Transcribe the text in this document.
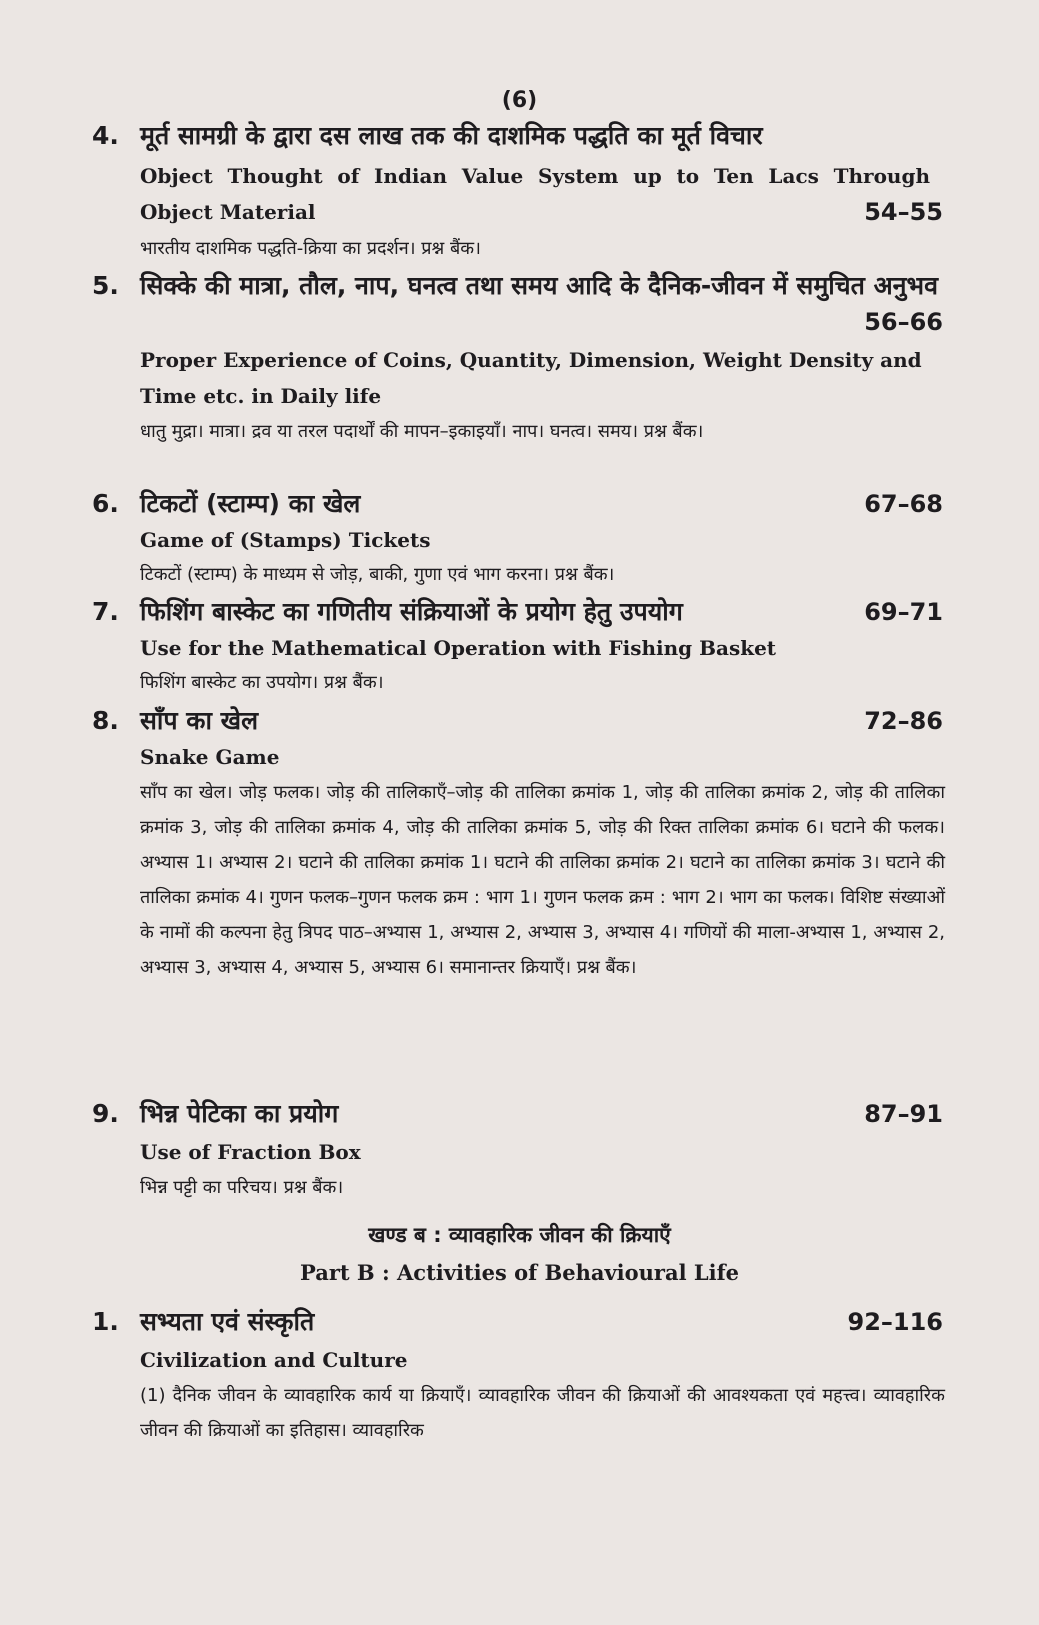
(6)
4. मूर्त सामग्री के द्वारा दस लाख तक की दाशमिक पद्धति का मूर्त विचार
Object Thought of Indian Value System up to Ten Lacs Through Object Material	54–55
भारतीय दाशमिक पद्धति-क्रिया का प्रदर्शन। प्रश्न बैंक।
5. सिक्के की मात्रा, तौल, नाप, घनत्व तथा समय आदि के दैनिक-जीवन में समुचित अनुभव
56–66
Proper Experience of Coins, Quantity, Dimension, Weight Density and Time etc. in Daily life
धातु मुद्रा। मात्रा। द्रव या तरल पदार्थों की मापन–इकाइयाँ। नाप। घनत्व। समय। प्रश्न बैंक।
6. टिकटों (स्टाम्प) का खेल	67–68
Game of (Stamps) Tickets
टिकटों (स्टाम्प) के माध्यम से जोड़, बाकी, गुणा एवं भाग करना। प्रश्न बैंक।
7. फिशिंग बास्केट का गणितीय संक्रियाओं के प्रयोग हेतु उपयोग	69–71
Use for the Mathematical Operation with Fishing Basket
फिशिंग बास्केट का उपयोग। प्रश्न बैंक।
8. साँप का खेल	72–86
Snake Game
साँप का खेल। जोड़ फलक। जोड़ की तालिकाएँ–जोड़ की तालिका क्रमांक 1, जोड़ की तालिका क्रमांक 2, जोड़ की तालिका क्रमांक 3, जोड़ की तालिका क्रमांक 4, जोड़ की तालिका क्रमांक 5, जोड़ की रिक्त तालिका क्रमांक 6। घटाने की फलक। अभ्यास 1। अभ्यास 2। घटाने की तालिका क्रमांक 1। घटाने की तालिका क्रमांक 2। घटाने का तालिका क्रमांक 3। घटाने की तालिका क्रमांक 4। गुणन फलक–गुणन फलक क्रम : भाग 1। गुणन फलक क्रम : भाग 2। भाग का फलक। विशिष्ट संख्याओं के नामों की कल्पना हेतु त्रिपद पाठ–अभ्यास 1, अभ्यास 2, अभ्यास 3, अभ्यास 4। गणियों की माला-अभ्यास 1, अभ्यास 2, अभ्यास 3, अभ्यास 4, अभ्यास 5, अभ्यास 6। समानान्तर क्रियाएँ। प्रश्न बैंक।
9. भिन्न पेटिका का प्रयोग	87–91
Use of Fraction Box
भिन्न पट्टी का परिचय। प्रश्न बैंक।
खण्ड ब : व्यावहारिक जीवन की क्रियाएँ
Part B : Activities of Behavioural Life
1. सभ्यता एवं संस्कृति	92–116
Civilization and Culture
(1) दैनिक जीवन के व्यावहारिक कार्य या क्रियाएँ। व्यावहारिक जीवन की क्रियाओं की आवश्यकता एवं महत्त्व। व्यावहारिक जीवन की क्रियाओं का इतिहास। व्यावहारिक
